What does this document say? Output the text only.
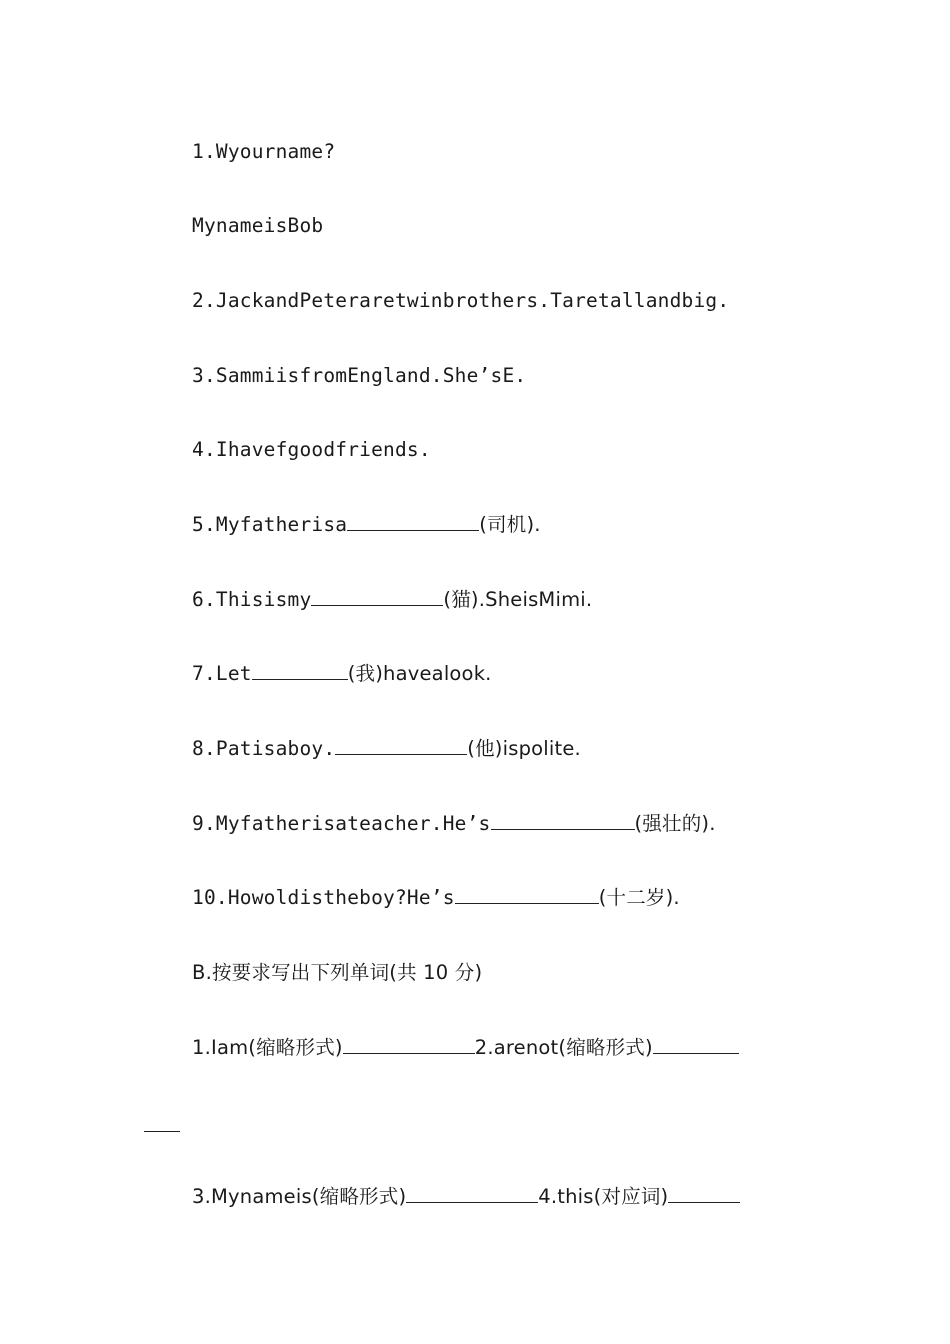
1.Wyourname?
MynameisBob
2.JackandPeteraretwinbrothers.Taretallandbig.
3.SammiisfromEngland.She’sE.
4.Ihavefgoodfriends.
5.Myfatherisa	(司机).
6.Thisismy	(猫).SheisMimi.
7.Let	(我)havealook.
8.Patisaboy.	(他)ispolite.
9.Myfatherisateacher.He’s	(强壮的).
10.Howoldistheboy?He’s	(十二岁).
B.按要求写出下列单词(共 10 分)
1.Iam(缩略形式)	2.arenot(缩略形式)
3.Mynameis(缩略形式)	4.this(对应词)
